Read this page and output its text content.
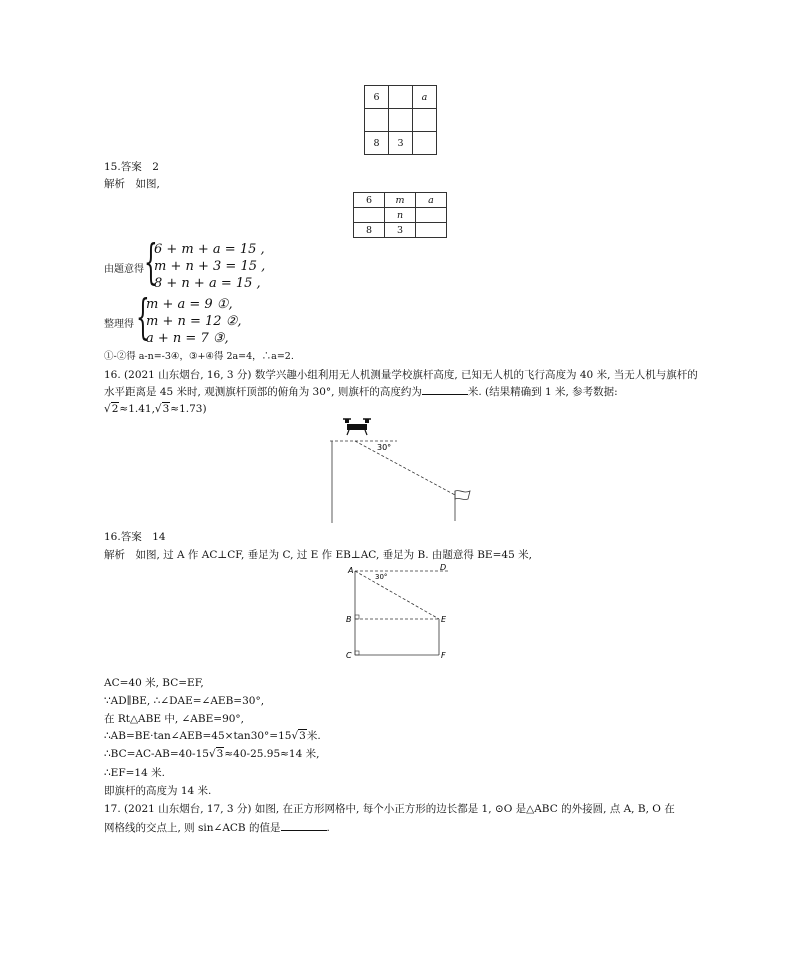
6		a

8	3	
15.答案　2
解析　如图,
6	m	a
	n	
8	3	
由题意得 {
6 + m + a = 15 ,
m + n + 3 = 15 ,
8 + n + a = 15 ,
整理得 {
m + a = 9 ①,
m + n = 12 ②,
a + n = 7 ③,
①-②得 a-n=-3④，③+④得 2a=4，∴a=2.
16. (2021 山东烟台, 16, 3 分) 数学兴趣小组利用无人机测量学校旗杆高度, 已知无人机的飞行高度为 40 米, 当无人机与旗杆的水平距离是 45 米时, 观测旗杆顶部的俯角为 30°, 则旗杆的高度约为	米. (结果精确到 1 米, 参考数据:
√2≈1.41,√3≈1.73)
30°
16.答案　14
解析　如图, 过 A 作 AC⊥CF, 垂足为 C, 过 E 作 EB⊥AC, 垂足为 B. 由题意得 BE=45 米,
A	D
30°
B	E
C	F
AC=40 米, BC=EF,
∵AD∥BE, ∴∠DAE=∠AEB=30°,
在 Rt△ABE 中, ∠ABE=90°,
∴AB=BE·tan∠AEB=45×tan30°=15√3米.
∴BC=AC-AB=40-15√3≈40-25.95≈14 米,
∴EF=14 米.
即旗杆的高度为 14 米.
17. (2021 山东烟台, 17, 3 分) 如图, 在正方形网格中, 每个小正方形的边长都是 1, ⊙O 是△ABC 的外接圆, 点 A, B, O 在
网格线的交点上, 则 sin∠ACB 的值是	.
